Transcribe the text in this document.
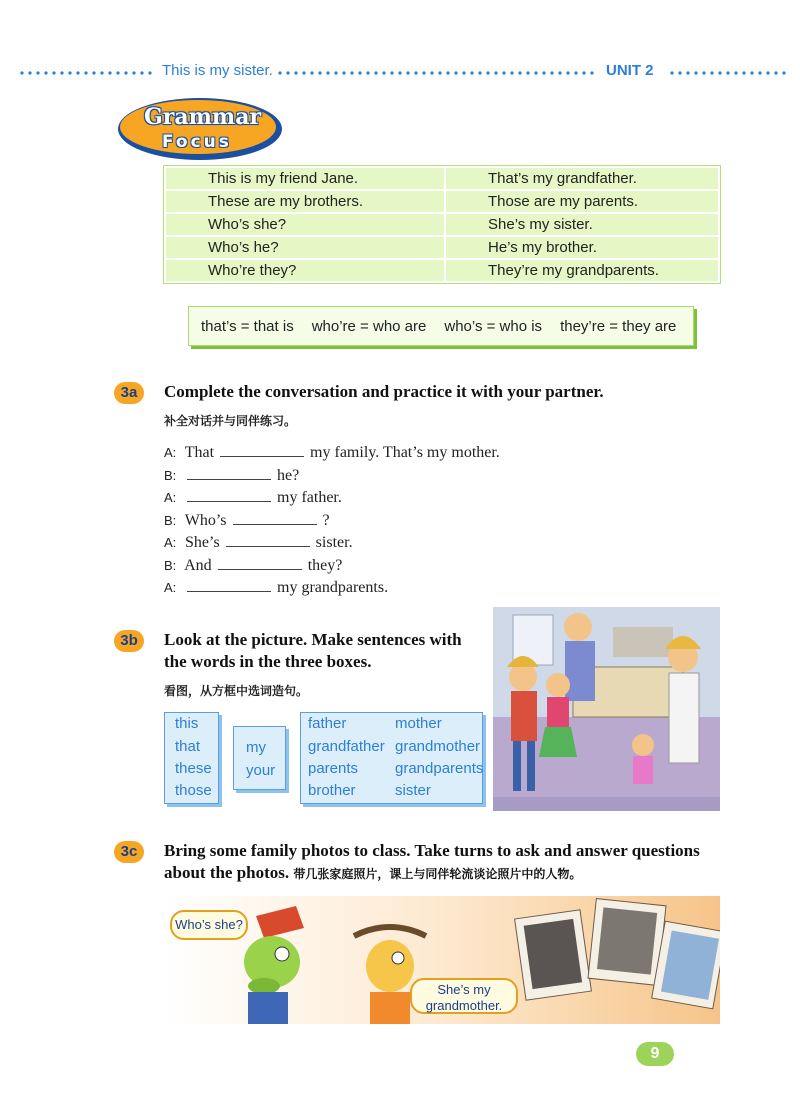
This is my sister.	UNIT 2
Grammar
Focus
This is my friend Jane.	That’s my grandfather.
These are my brothers.	Those are my parents.
Who’s she?	She’s my sister.
Who’s he?	He’s my brother.
Who’re they?	They’re my grandparents.
that’s = that is who’re = who are who’s = who is they’re = they are
3a	Complete the conversation and practice it with your partner.
补全对话并与同伴练习。
A: That	my family. That’s my mother.
B:	he?
A:	my father.
B: Who’s	?
A: She’s	sister.
B: And	they?
A:	my grandparents.
3b	Look at the picture. Make sentences with
the words in the three boxes.
看图，从方框中选词造句。
this
that
these
those
my
your
father
grandfather
parents
brother
mother
grandmother
grandparents
sister
3c	Bring some family photos to class. Take turns to ask and answer questions
about the photos. 带几张家庭照片，课上与同伴轮流谈论照片中的人物。
Who’s she?
She’s my
grandmother.
9
